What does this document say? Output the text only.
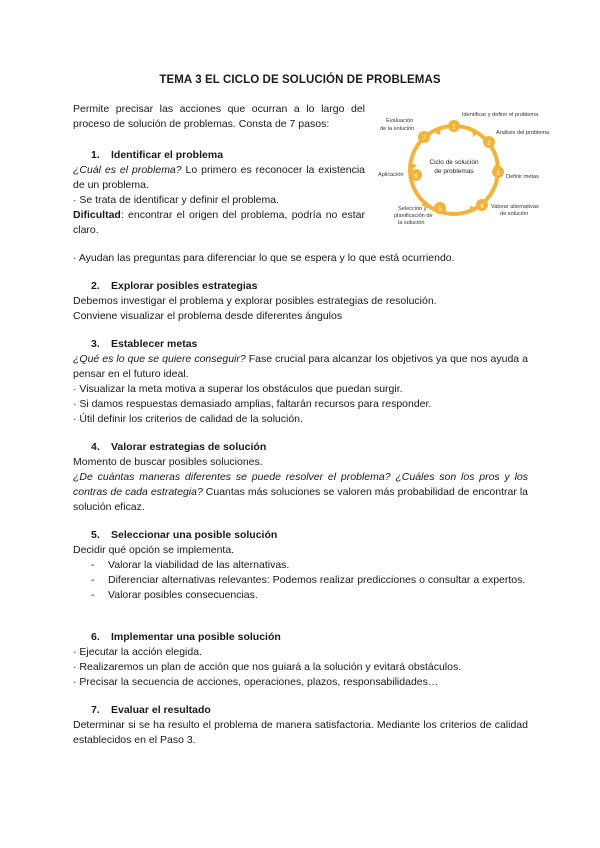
TEMA 3 EL CICLO DE SOLUCIÓN DE PROBLEMAS

Permite precisar las acciones que ocurran a lo largo del proceso de solución de problemas. Consta de 7 pasos:

Ciclo de solución
de problemas
1
Identificar y definir el problema
2
Análisis del problema
3 Definir metas
4 Valorar alternativas
de solución
5
Selección y
planificación de
la solución
6
Aplicación
7
Evaluación
de la solución

1. Identificar el problema

¿Cuál es el problema? Lo primero es reconocer la existencia de un problema.

· Se trata de identificar y definir el problema.

Dificultad: encontrar el origen del problema, podría no estar claro.

· Ayudan las preguntas para diferenciar lo que se espera y lo que está ocurriendo.

2. Explorar posibles estrategias

Debemos investigar el problema y explorar posibles estrategias de resolución.

Conviene visualizar el problema desde diferentes ángulos

3. Establecer metas

¿Qué es lo que se quiere conseguir? Fase crucial para alcanzar los objetivos ya que nos ayuda a pensar en el futuro ideal.

· Visualizar la meta motiva a superar los obstáculos que puedan surgir.

· Si damos respuestas demasiado amplias, faltarán recursos para responder.

· Útil definir los criterios de calidad de la solución.

4. Valorar estrategias de solución

Momento de buscar posibles soluciones.

¿De cuántas maneras diferentes se puede resolver el problema? ¿Cuáles son los pros y los contras de cada estrategia? Cuantas más soluciones se valoren más probabilidad de encontrar la solución eficaz.

5. Seleccionar una posible solución

Decidir qué opción se implementa.

- Valorar la viabilidad de las alternativas.
- Diferenciar alternativas relevantes: Podemos realizar predicciones o consultar a expertos.
- Valorar posibles consecuencias.

6. Implementar una posible solución

· Ejecutar la acción elegida.

· Realizaremos un plan de acción que nos guiará a la solución y evitará obstáculos.

· Precisar la secuencia de acciones, operaciones, plazos, responsabilidades…

7. Evaluar el resultado

Determinar si se ha resulto el problema de manera satisfactoria. Mediante los criterios de calidad establecidos en el Paso 3.
